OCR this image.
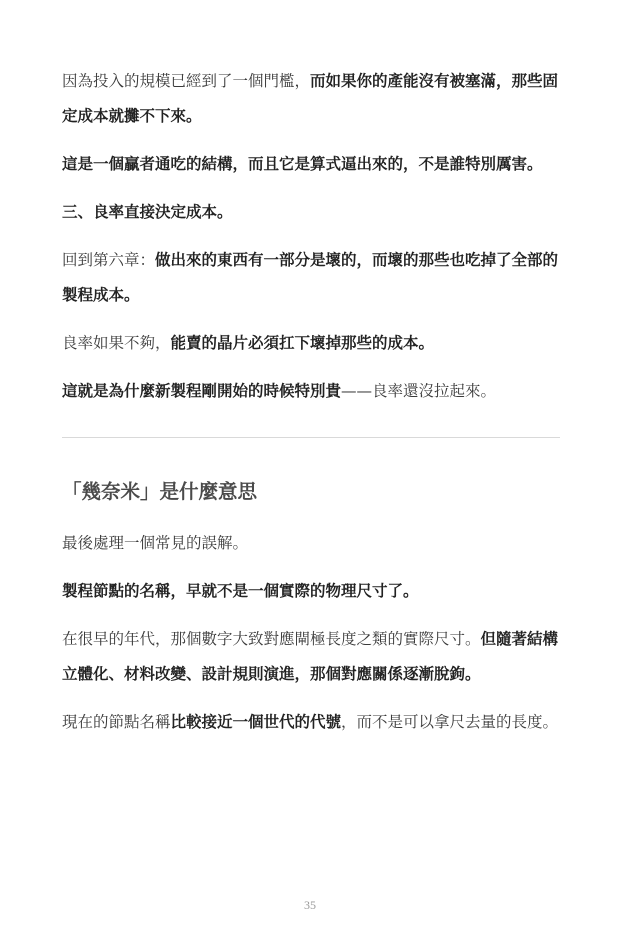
因為投入的規模已經到了一個門檻，而如果你的產能沒有被塞滿，那些固定成本就攤不下來。

這是一個贏者通吃的結構，而且它是算式逼出來的，不是誰特別厲害。

三、良率直接決定成本。

回到第六章：做出來的東西有一部分是壞的，而壞的那些也吃掉了全部的製程成本。

良率如果不夠，能賣的晶片必須扛下壞掉那些的成本。

這就是為什麼新製程剛開始的時候特別貴——良率還沒拉起來。

「幾奈米」是什麼意思

最後處理一個常見的誤解。

製程節點的名稱，早就不是一個實際的物理尺寸了。

在很早的年代，那個數字大致對應閘極長度之類的實際尺寸。但隨著結構立體化、材料改變、設計規則演進，那個對應關係逐漸脫鉤。

現在的節點名稱比較接近一個世代的代號，而不是可以拿尺去量的長度。

35
